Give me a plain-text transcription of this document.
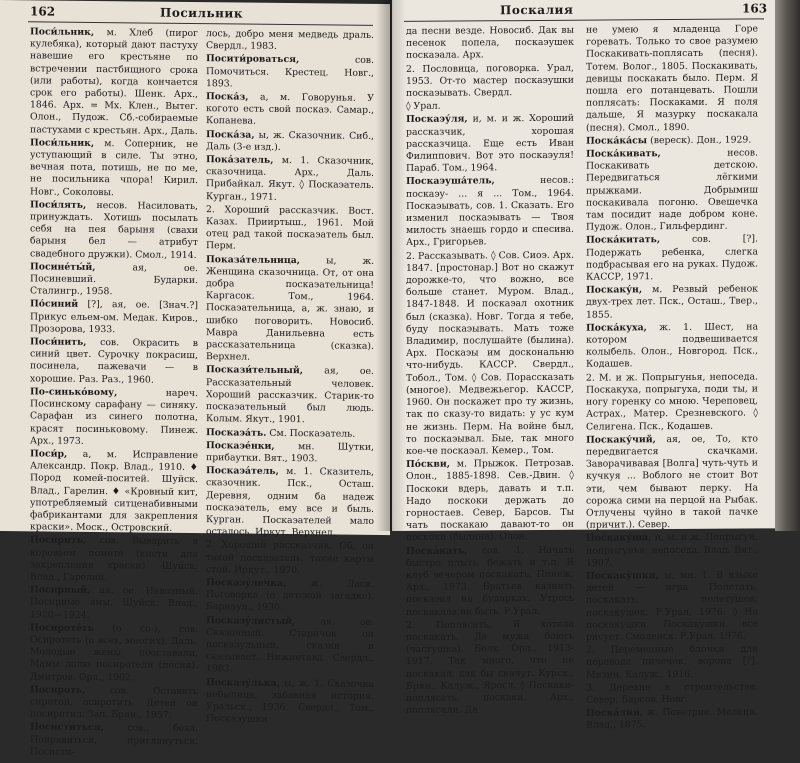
162	Посильник

Поси́льник, м. Хлеб (пирог кулебяка), который дают пастуху навешие его крестьяне по встречении пастбищного срока (или работы), когда кончается срок его работы). Шенк. Арх., 1846. Арх. = Мх. Клен., Вытег. Олон., Пудож. Сб.-собираемые пастухами с крестьян. Арх., Даль.

Поси́льник, м. Соперник, не уступающий в силе. Ты этно, вечная пота, потишь, не по ме, не посильника чпорa! Кирил. Новг., Соколовы.

Поси́лять, несов. Насиловать, принуждать. Хотишь посылать себя на пея барыня (свахи барыня бел — атрибут свадебного дружки). Смол., 1914.

Посине́ты́й,	ая, ое. Посиневший. Бударки. Сталингр., 1958.

По́синий [?], ая, ое. [Знач.?] Прикус ельем-ом. Медак. Киров., Прозорова, 1933.

Поси́нить, сов. Окрасить в синий цвет. Сурочку покрасиш, посинела, пажевачи — в хорошие. Раз. Раз., 1960.

По-синько́вому,	нареч. Посинскому сарафану — синяку. Сарафан из синего полотна, красят посиньковому. Пинеж. Арх., 1973.

Поси́р, а, м. Исправление Александр. Покр. Влад., 1910. ♦ Пород комей-поситей. Шуйск. Влад., Гарелин. ♦ «Кровный кит, употребляемый ситценабивными фабрикантами для закрепления краски». Моск., Островский.

Поси́рить, сов. Выварить в коровьем помете (кисти для закрепления краски). Шуйск. Влад., Гарелин.

Посирный, ая, ое. Навозный. Посирные ямы. Шуйск. Влад., 1920—1924.

Посироте́ть (о со-), сов. Осиротеть (о всех, многих). Даль. Молодые жены пооставали, Мамы долю посиротели (песня). Дмитров. Орл., 1902.

Посироть,	сов. Оставить сиротой, осиротить. Детей он посиротил. Зап. Брян., 1957.

Посисти́ться,	сов., безл. Понравиться, приглянуться. Посисти-

лось, добро меня медведь драль. Свердл., 1983.

Посити́роваться,	сов. Помочиться. Крестец. Новг., 1893.

Поска́з, а, м. Говорунья. У когото есть свой поскаэ. Самар., Копанева.

Поска́за, ы, ж. Сказочник. Сиб., Даль (3-е изд.).

Пока́затель, м. 1. Сказочник, сказочница. Арх., Даль. Прибайкал. Якут. ◊ Поскаэатель. Курган., 1971.

2. Хороший рассказчик. Вост. Казах. Прииртыш., 1961. Мой отец рад такой поскаэатель был. Перм.

Показа́тельница,	ы, ж. Женщина сказочница. От, от она добра поскаэательница! Каргасок. Том., 1964. Поскаэательница, а, ж. знаю, и шибко поговорить. Новосиб. Мавра Данильевна есть рассказательница (сказка). Верхнел.

Поскази́тельный, ая, ое. Рассказательный человек. Хороший рассказчик. Старик-то поскаэательный был людь. Колым. Якут., 1901.

Поскаэа́ть. См. Поскаэатель.

Поскаэе́нки,	мн. Шутки, прибаутки. Вят., 1903.

Поскаэа́тель, м. 1. Сказитель, сказочник. Пск., Осташ. Деревня, одним ба надеж поскаэатель, ему все и быль. Курган. Поскаэателей мало осталось. Иркут. Верхнел.

2. Хороший рассказчик. Об, он такой поскаэатель, такие карты стой. Иркут., 1970.

Поскаэу́лечка,	ж. Ласк. Поговорка (о детской загадке). Барнаул., 1930.

Поскаэу́листый,	ая, ое. Сказочный. Старичок он поскаэульный, сказки и сказывает. Нижнетавд. Свердл., 1983.

Поскаэу́лька, ы, ж. 1. Сказочка небылица, забавная история. Уральск., 1936. Свердл., Том., Поскаэушки

Поскалия	163

да песни везде. Новосиб. Дак вы песенок попела, поскаэушек поскаэала. Арх.

2. Пословица, поговорка. Урал, 1953. От-то мастер поскаэушки поскаэывать. Свердл.

◊ Урал.

Поскаэу́ля, и, м. и ж. Хороший рассказчик, хорошая рассказчица. Еще есть Иван Филиппович. Вот это поскаэуля! Параб. Том., 1964.

Поскаэуша́тель,	несов.: поскаэу- ... я ... Том., 1964. Поскаэывать, сов. 1. Сказать. Его изменил поскаэывать — Твоя милость знаешь гордо и спесива. Арх., Григорьев.

2. Рассказывать. ◊ Сов. Сиоэ. Арх. 1847. [простонар.] Вот но скажут дорожке-то, что вожно, все больше станет. Муром. Влад., 1847-1848. И поскаэал охотник был (сказка). Новг. Тогда я тебе, буду поскаэывать. Мать тоже Владимир, послушайте (былина). Арх. Поскаэы им доскональню что-нибудь. КАССР. Свердл., Тобол., Том. ◊ Сов. Порассказать (многое). Медвежьегор. КАССР, 1960. Он поскажет про ту жизнь, так по сказу-то видать: у ус кум не жизнь. Перм. На войне был, то поскаэывал. Бые, так много кое-че поскаэал. Кемер., Том.

По́скви, м. Прыжок. Петрозав. Олон., 1885-1898. Сев.-Двин. ◊ Поскоки вдерь, давать и т.п. Надо поскоки держать до горностаев. Север, Барсов. Ты чать поскакаю давают-то он поскоки (былина). Олон.

Поска́кать, сов. 1. Начать быстро плыть, бежать и т.п. Я клуб вечером поскакать. Пинеж. Арх., 1973. Братьев казнить поскаэал на бударках. Утрось поскакала на быть. Р.Урал.

2. Поплясать. Я хотела поскакать. Да мужа боюсь (частушка). Болх. Орл., 1913-1917. Так много, что не поскакал, как бы скачут. Курск., Брян., Калуж., Яросл. ◊ Поскаки-поплясать, поскаки. Арх., поплясали. Да

не умею я младенца Горе горевать. Только то свое разумею Поскакивать-поплясать (песня). Тотем. Волог., 1805. Поскакивать, девицы поскакать было. Перм. Я пошла его потанцевать. Пошли поплясать: Поскаками. Я поля дальше, Я мазурку поскакала (песня). Смол., 1890.

Поска́ка́сы (вереск). Дон., 1929.

Поска́кивать,	несов. Поскакивать детскою. Передвигаться лёгкими прыжками. Добрымиш поскакивала погоню. Овешечка там посидит наде добром коне. Пудож. Олон., Гильфердинг.

Поска́китать,	сов. [?]. Подержать ребенка, слегка подбрасывая его на руках. Пудож. КАССР, 1971.

Поскаку́н, м. Резвый ребенок двух-трех лет. Пск., Осташ., Твер., 1855.

Поска́куха, ж. 1. Шест, на котором подвешивается колыбель. Олон., Новгород. Пск., Кодашев.

2. М. и ж. Попрыгунья, непоседа. Поскакуха, попрыгуха, поди ты, и ногу горенку со мною. Череповец, Астрах., Матер. Срезневского. ◊ Селигена. Пск., Кодашев.

Поскаку́чий, ая, ое, То, кто передвигается скачками. Заворачивавая [Волга] чуть-чуть и кучкуя ... Воблого не стоит Вот эти, чем бывают перку. На сорожа сими на перцой на Рыбак. Отлучены чуйно в такой пачке (причит.). Север.

Поскаку́ша, и, м. и ж. Попрыгун, попрыгунья; непоседа. Влад. Вят., 1907.

Поскаку́шки, ы, мн. 1. В языке детей — игра Полетать, поскакать, полетушек, поскакушек. Р.Урал, 1976. ◊ На поскакушки. Поскакушки, все рисует. Смоленск. Р.Урал, 1976.

2. Переменные блочки для перевода пичечек, ворона [?]. Мизин. Калуж., 1916.

3. Деревне в строительстве. Север, Барсов. Новг.

Поска́лия, ж. Поветрие. Меленк. Влад., 1875.
